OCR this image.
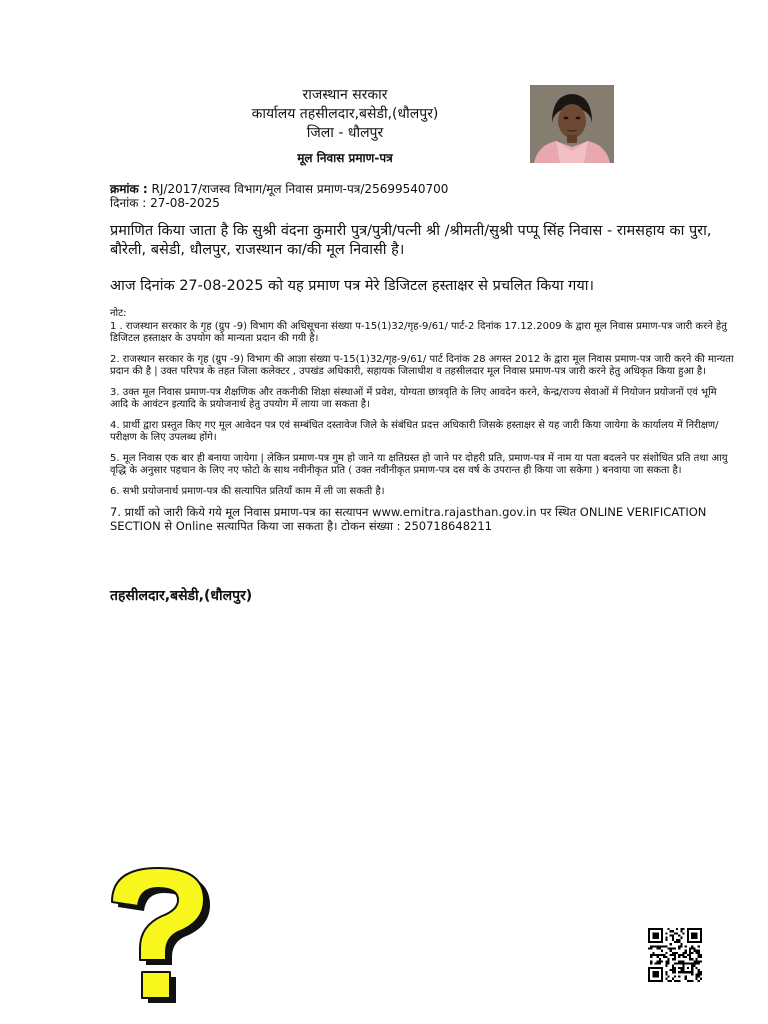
राजस्थान सरकार
कार्यालय तहसीलदार,बसेडी,(धौलपुर)
जिला - धौलपुर
मूल निवास प्रमाण-पत्र
क्रमांक : RJ/2017/राजस्व विभाग/मूल निवास प्रमाण-पत्र/25699540700
दिनांक : 27-08-2025
प्रमाणित किया जाता है कि सुश्री वंदना कुमारी पुत्र/पुत्री/पत्नी श्री /श्रीमती/सुश्री पप्पू सिंह निवास - रामसहाय का पुरा, बौरेली, बसेडी, धौलपुर, राजस्थान का/की मूल निवासी है।
आज दिनांक 27-08-2025 को यह प्रमाण पत्र मेरे डिजिटल हस्ताक्षर से प्रचलित किया गया।
नोट:
1 . राजस्थान सरकार के गृह (ग्रुप -9) विभाग की अधिसूचना संख्या प-15(1)32/गृह-9/61/ पार्ट-2 दिनांक 17.12.2009 के द्वारा मूल निवास प्रमाण-पत्र जारी करने हेतु डिजिटल हस्ताक्षर के उपयोग को मान्यता प्रदान की गयी है।
2. राजस्थान सरकार के गृह (ग्रुप -9) विभाग की आज्ञा संख्या प-15(1)32/गृह-9/61/ पार्ट दिनांक 28 अगस्त 2012 के द्वारा मूल निवास प्रमाण-पत्र जारी करने की मान्यता प्रदान की है | उक्त परिपत्र के तहत जिला कलेक्टर , उपखंड अधिकारी, सहायक जिलाधीश व तहसीलदार मूल निवास प्रमाण-पत्र जारी करने हेतु अधिकृत किया हुआ है।
3. उक्त मूल निवास प्रमाण-पत्र शैक्षणिक और तकनीकी शिक्षा संस्थाओं में प्रवेश, योग्यता छात्रवृति के लिए आवदेन करने, केन्द्र/राज्य सेवाओं में नियोजन प्रयोजनों एवं भूमि आदि के आवंटन इत्यादि के प्रयोजनार्थ हेतु उपयोग में लाया जा सकता है।
4. प्रार्थी द्वारा प्रस्तुत किए गए मूल आवेदन पत्र एवं सम्बंधित दस्तावेज जिले के संबंधित प्रदत्त अधिकारी जिसके हस्ताक्षर से यह जारी किया जायेगा के कार्यालय में निरीक्षण/परीक्षण के लिए उपलब्ध होंगे।
5. मूल निवास एक बार ही बनाया जायेगा | लेकिन प्रमाण-पत्र गुम हो जाने या क्षतिग्रस्त हो जाने पर दोहरी प्रति, प्रमाण-पत्र में नाम या पता बदलने पर संशोधित प्रति तथा आयु वृद्धि के अनुसार पहचान के लिए नए फोटो के साथ नवीनीकृत प्रति ( उक्त नवीनीकृत प्रमाण-पत्र दस वर्ष के उपरान्त ही किया जा सकेगा ) बनवाया जा सकता है।
6. सभी प्रयोजनार्थ प्रमाण-पत्र की सत्यापित प्रतियाँ काम में ली जा सकती है।
7. प्रार्थी को जारी किये गये मूल निवास प्रमाण-पत्र का सत्यापन www.emitra.rajasthan.gov.in पर स्थित ONLINE VERIFICATION SECTION से Online सत्यापित किया जा सकता है। टोकन संख्या : 250718648211
तहसीलदार,बसेडी,(धौलपुर)
